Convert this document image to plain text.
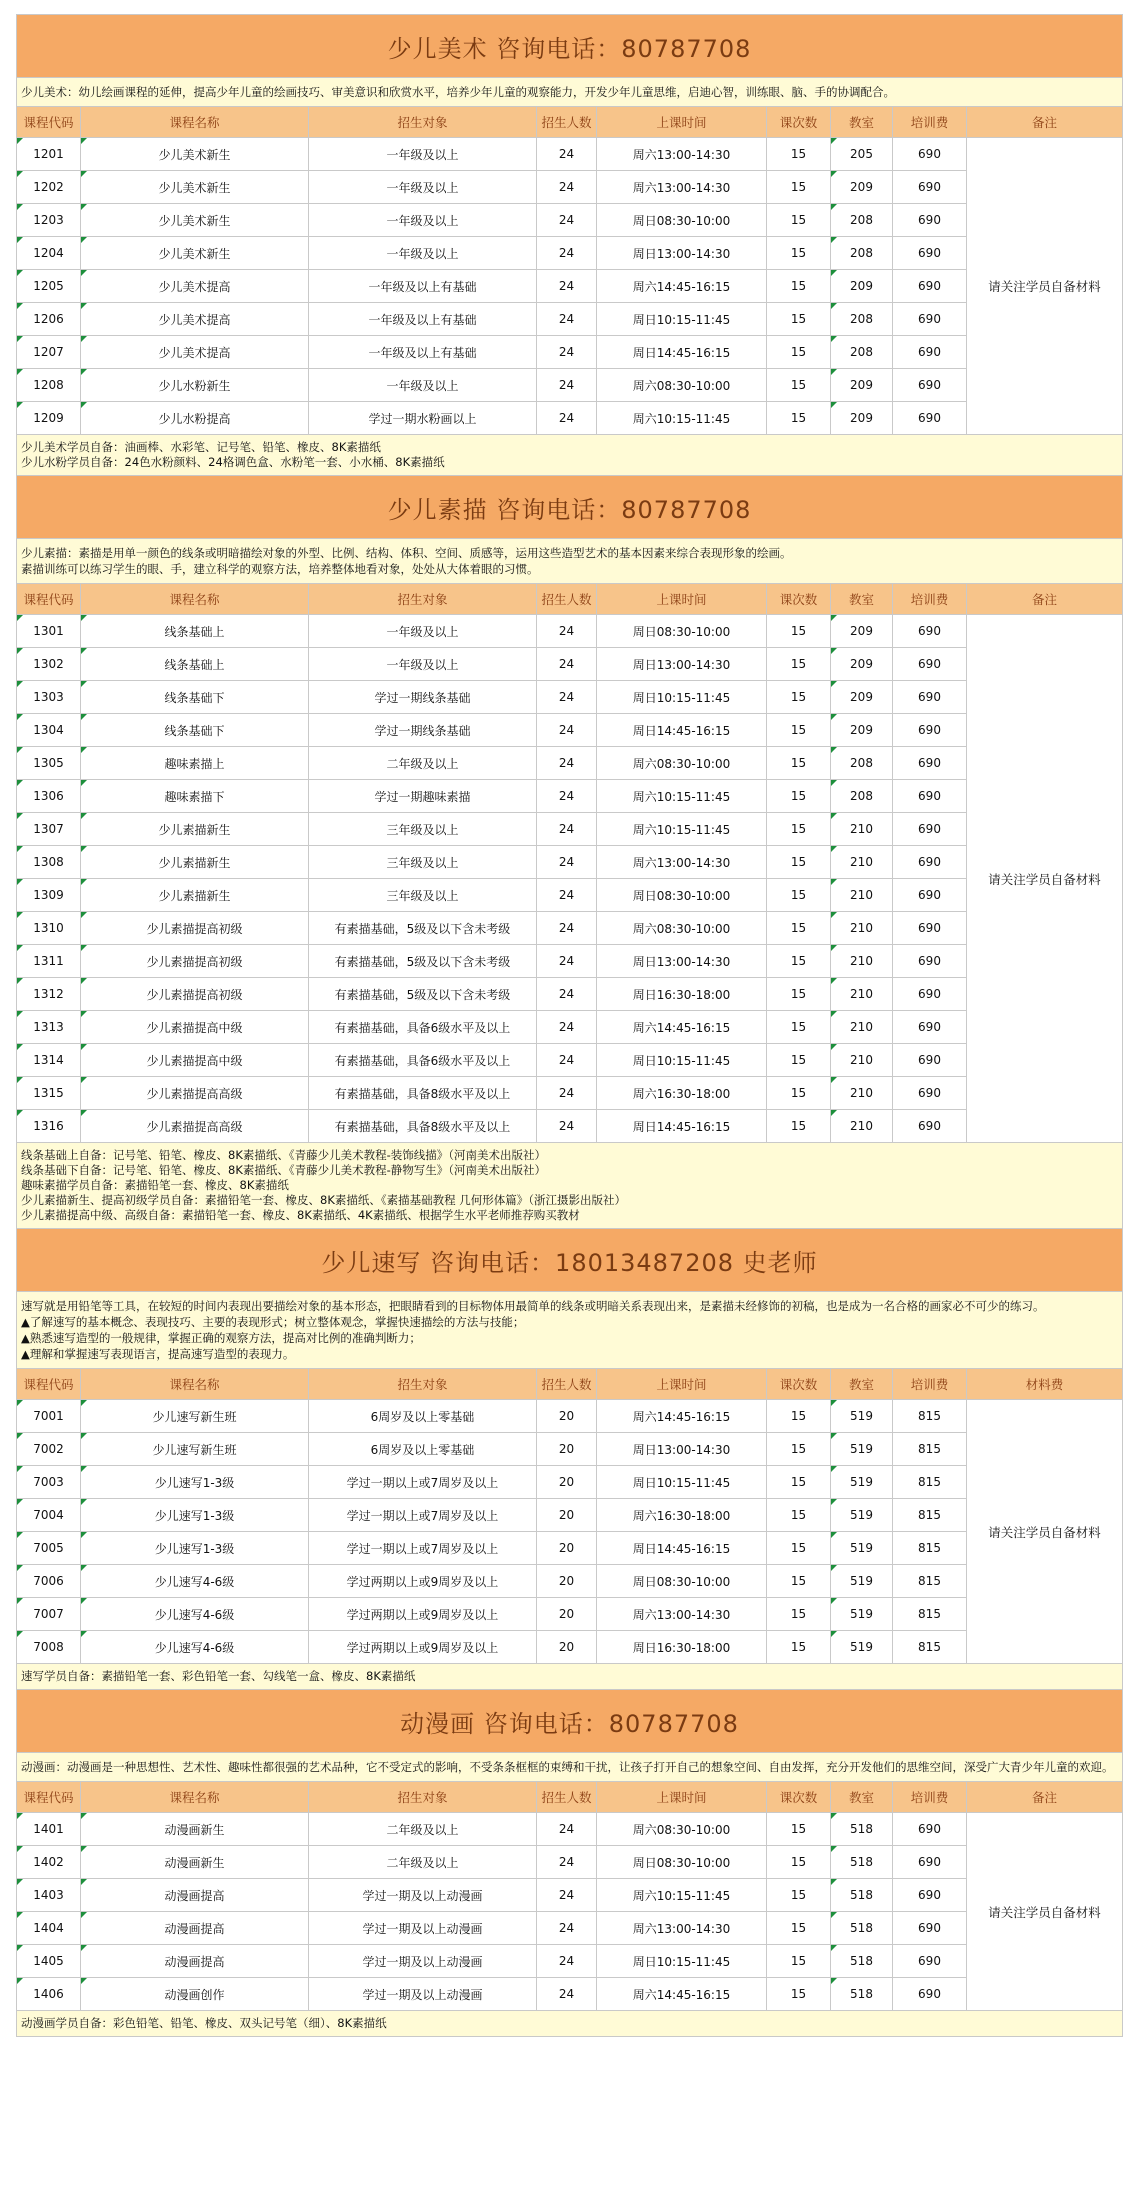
少儿美术 咨询电话：80787708								

少儿美术：幼儿绘画课程的延伸，提高少年儿童的绘画技巧、审美意识和欣赏水平，培养少年儿童的观察能力，开发少年儿童思维，启迪心智，训练眼、脑、手的协调配合。								

课程代码	课程名称	招生对象	招生人数	上课时间	课次数	教室	培训费	备注
1201	少儿美术新生	一年级及以上	24	周六13:00-14:30	15	205	690	请关注学员自备材料
1202	少儿美术新生	一年级及以上	24	周六13:00-14:30	15	209	690	
1203	少儿美术新生	一年级及以上	24	周日08:30-10:00	15	208	690	
1204	少儿美术新生	一年级及以上	24	周日13:00-14:30	15	208	690	
1205	少儿美术提高	一年级及以上有基础	24	周六14:45-16:15	15	209	690	
1206	少儿美术提高	一年级及以上有基础	24	周日10:15-11:45	15	208	690	
1207	少儿美术提高	一年级及以上有基础	24	周日14:45-16:15	15	208	690	
1208	少儿水粉新生	一年级及以上	24	周六08:30-10:00	15	209	690	
1209	少儿水粉提高	学过一期水粉画以上	24	周六10:15-11:45	15	209	690	

少儿美术学员自备：油画棒、水彩笔、记号笔、铅笔、橡皮、8K素描纸
少儿水粉学员自备：24色水粉颜料、24格调色盒、水粉笔一套、小水桶、8K素描纸								

少儿素描 咨询电话：80787708								

少儿素描：素描是用单一颜色的线条或明暗描绘对象的外型、比例、结构、体积、空间、质感等，运用这些造型艺术的基本因素来综合表现形象的绘画。
素描训练可以练习学生的眼、手，建立科学的观察方法，培养整体地看对象，处处从大体着眼的习惯。								

课程代码	课程名称	招生对象	招生人数	上课时间	课次数	教室	培训费	备注
1301	线条基础上	一年级及以上	24	周日08:30-10:00	15	209	690	请关注学员自备材料
1302	线条基础上	一年级及以上	24	周日13:00-14:30	15	209	690	
1303	线条基础下	学过一期线条基础	24	周日10:15-11:45	15	209	690	
1304	线条基础下	学过一期线条基础	24	周日14:45-16:15	15	209	690	
1305	趣味素描上	二年级及以上	24	周六08:30-10:00	15	208	690	
1306	趣味素描下	学过一期趣味素描	24	周六10:15-11:45	15	208	690	
1307	少儿素描新生	三年级及以上	24	周六10:15-11:45	15	210	690	
1308	少儿素描新生	三年级及以上	24	周六13:00-14:30	15	210	690	
1309	少儿素描新生	三年级及以上	24	周日08:30-10:00	15	210	690	
1310	少儿素描提高初级	有素描基础，5级及以下含未考级	24	周六08:30-10:00	15	210	690	
1311	少儿素描提高初级	有素描基础，5级及以下含未考级	24	周日13:00-14:30	15	210	690	
1312	少儿素描提高初级	有素描基础，5级及以下含未考级	24	周日16:30-18:00	15	210	690	
1313	少儿素描提高中级	有素描基础，具备6级水平及以上	24	周六14:45-16:15	15	210	690	
1314	少儿素描提高中级	有素描基础，具备6级水平及以上	24	周日10:15-11:45	15	210	690	
1315	少儿素描提高高级	有素描基础，具备8级水平及以上	24	周六16:30-18:00	15	210	690	
1316	少儿素描提高高级	有素描基础，具备8级水平及以上	24	周日14:45-16:15	15	210	690	

线条基础上自备：记号笔、铅笔、橡皮、8K素描纸、《青藤少儿美术教程-装饰线描》（河南美术出版社）
线条基础下自备：记号笔、铅笔、橡皮、8K素描纸、《青藤少儿美术教程-静物写生》（河南美术出版社）
趣味素描学员自备：素描铅笔一套、橡皮、8K素描纸
少儿素描新生、提高初级学员自备：素描铅笔一套、橡皮、8K素描纸、《素描基础教程 几何形体篇》（浙江摄影出版社）
少儿素描提高中级、高级自备：素描铅笔一套、橡皮、8K素描纸、4K素描纸、根据学生水平老师推荐购买教材								

少儿速写 咨询电话：18013487208 史老师								

速写就是用铅笔等工具，在较短的时间内表现出要描绘对象的基本形态，把眼睛看到的目标物体用最简单的线条或明暗关系表现出来，是素描未经修饰的初稿，也是成为一名合格的画家必不可少的练习。
▲了解速写的基本概念、表现技巧、主要的表现形式；树立整体观念，掌握快速描绘的方法与技能；
▲熟悉速写造型的一般规律，掌握正确的观察方法，提高对比例的准确判断力；
▲理解和掌握速写表现语言，提高速写造型的表现力。								

课程代码	课程名称	招生对象	招生人数	上课时间	课次数	教室	培训费	材料费
7001	少儿速写新生班	6周岁及以上零基础	20	周六14:45-16:15	15	519	815	请关注学员自备材料
7002	少儿速写新生班	6周岁及以上零基础	20	周日13:00-14:30	15	519	815	
7003	少儿速写1-3级	学过一期以上或7周岁及以上	20	周日10:15-11:45	15	519	815	
7004	少儿速写1-3级	学过一期以上或7周岁及以上	20	周六16:30-18:00	15	519	815	
7005	少儿速写1-3级	学过一期以上或7周岁及以上	20	周日14:45-16:15	15	519	815	
7006	少儿速写4-6级	学过两期以上或9周岁及以上	20	周日08:30-10:00	15	519	815	
7007	少儿速写4-6级	学过两期以上或9周岁及以上	20	周六13:00-14:30	15	519	815	
7008	少儿速写4-6级	学过两期以上或9周岁及以上	20	周日16:30-18:00	15	519	815	

速写学员自备：素描铅笔一套、彩色铅笔一套、勾线笔一盒、橡皮、8K素描纸								

动漫画 咨询电话：80787708								

动漫画：动漫画是一种思想性、艺术性、趣味性都很强的艺术品种，它不受定式的影响，不受条条框框的束缚和干扰，让孩子打开自己的想象空间、自由发挥，充分开发他们的思维空间，深受广大青少年儿童的欢迎。								

课程代码	课程名称	招生对象	招生人数	上课时间	课次数	教室	培训费	备注
1401	动漫画新生	二年级及以上	24	周六08:30-10:00	15	518	690	请关注学员自备材料
1402	动漫画新生	二年级及以上	24	周日08:30-10:00	15	518	690	
1403	动漫画提高	学过一期及以上动漫画	24	周六10:15-11:45	15	518	690	
1404	动漫画提高	学过一期及以上动漫画	24	周六13:00-14:30	15	518	690	
1405	动漫画提高	学过一期及以上动漫画	24	周日10:15-11:45	15	518	690	
1406	动漫画创作	学过一期及以上动漫画	24	周六14:45-16:15	15	518	690	

动漫画学员自备：彩色铅笔、铅笔、橡皮、双头记号笔（细）、8K素描纸								
